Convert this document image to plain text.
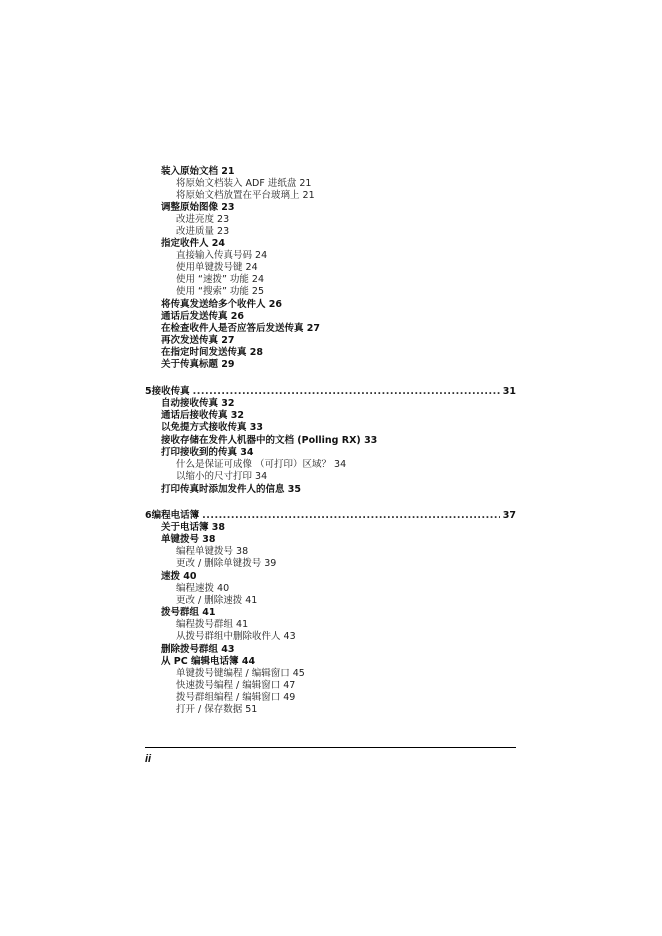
装入原始文档 21
将原始文档装入 ADF 进纸盘 21
将原始文档放置在平台玻璃上 21
调整原始图像 23
改进亮度 23
改进质量 23
指定收件人 24
直接输入传真号码 24
使用单键拨号键 24
使用 “速拨” 功能 24
使用 “搜索” 功能 25
将传真发送给多个收件人 26
通话后发送传真 26
在检查收件人是否应答后发送传真 27
再次发送传真 27
在指定时间发送传真 28
关于传真标题 29
5 接收传真 .....	31
自动接收传真 32
通话后接收传真 32
以免提方式接收传真 33
接收存储在发件人机器中的文档 (Polling RX) 33
打印接收到的传真 34
什么是保证可成像 （可打印）区域？ 34
以缩小的尺寸打印 34
打印传真时添加发件人的信息 35
6 编程电话簿 .....	37
关于电话簿 38
单键拨号 38
编程单键拨号 38
更改 / 删除单键拨号 39
速拨 40
编程速拨 40
更改 / 删除速拨 41
拨号群组 41
编程拨号群组 41
从拨号群组中删除收件人 43
删除拨号群组 43
从 PC 编辑电话簿 44
单键拨号键编程 / 编辑窗口 45
快速拨号编程 / 编辑窗口 47
拨号群组编程 / 编辑窗口 49
打开 / 保存数据 51
ii
